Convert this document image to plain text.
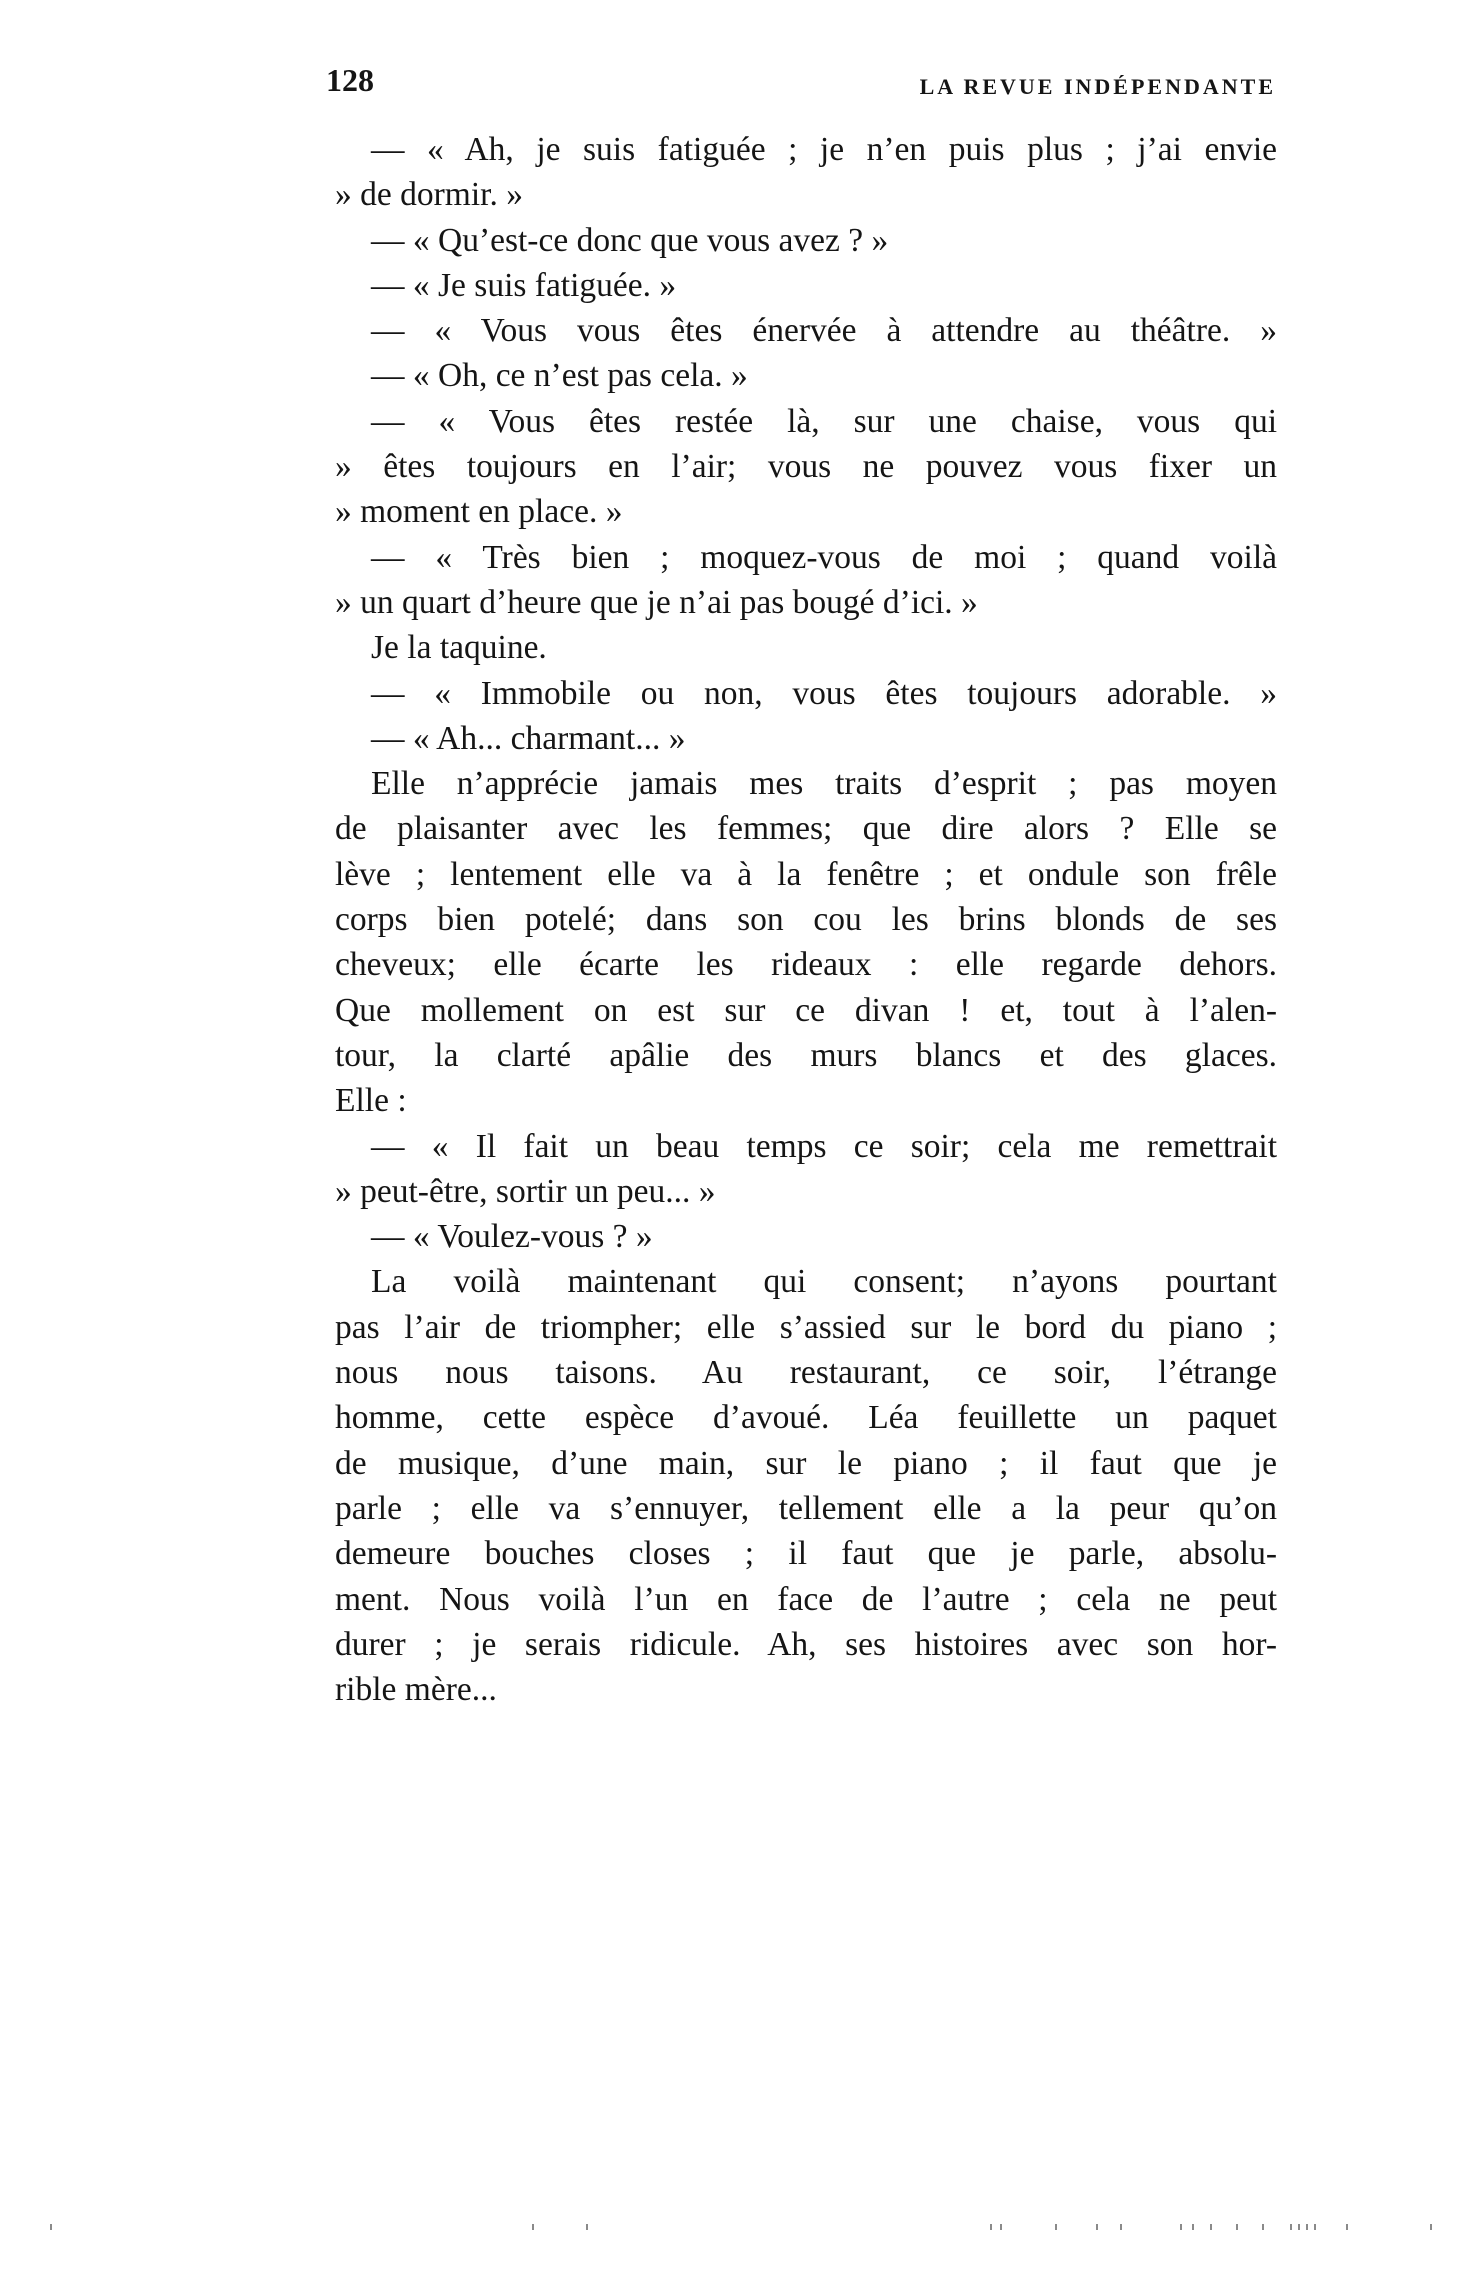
128	LA REVUE INDÉPENDANTE
— « Ah, je suis fatiguée ; je n’en puis plus ; j’ai envie
» de dormir. »
— « Qu’est-ce donc que vous avez ? »
— « Je suis fatiguée. »
— « Vous vous êtes énervée à attendre au théâtre. »
— « Oh, ce n’est pas cela. »
— « Vous êtes restée là, sur une chaise, vous qui
» êtes toujours en l’air; vous ne pouvez vous fixer un
» moment en place. »
— « Très bien ; moquez-vous de moi ; quand voilà
» un quart d’heure que je n’ai pas bougé d’ici. »
Je la taquine.
— « Immobile ou non, vous êtes toujours adorable. »
— « Ah... charmant... »
Elle n’apprécie jamais mes traits d’esprit ; pas moyen
de plaisanter avec les femmes; que dire alors ? Elle se
lève ; lentement elle va à la fenêtre ; et ondule son frêle
corps bien potelé; dans son cou les brins blonds de ses
cheveux; elle écarte les rideaux : elle regarde dehors.
Que mollement on est sur ce divan ! et, tout à l’alen-
tour, la clarté apâlie des murs blancs et des glaces.
Elle :
— « Il fait un beau temps ce soir; cela me remettrait
» peut-être, sortir un peu... »
— « Voulez-vous ? »
La voilà maintenant qui consent; n’ayons pourtant
pas l’air de triompher; elle s’assied sur le bord du piano ;
nous nous taisons. Au restaurant, ce soir, l’étrange
homme, cette espèce d’avoué. Léa feuillette un paquet
de musique, d’une main, sur le piano ; il faut que je
parle ; elle va s’ennuyer, tellement elle a la peur qu’on
demeure bouches closes ; il faut que je parle, absolu-
ment. Nous voilà l’un en face de l’autre ; cela ne peut
durer ; je serais ridicule. Ah, ses histoires avec son hor-
rible mère...
